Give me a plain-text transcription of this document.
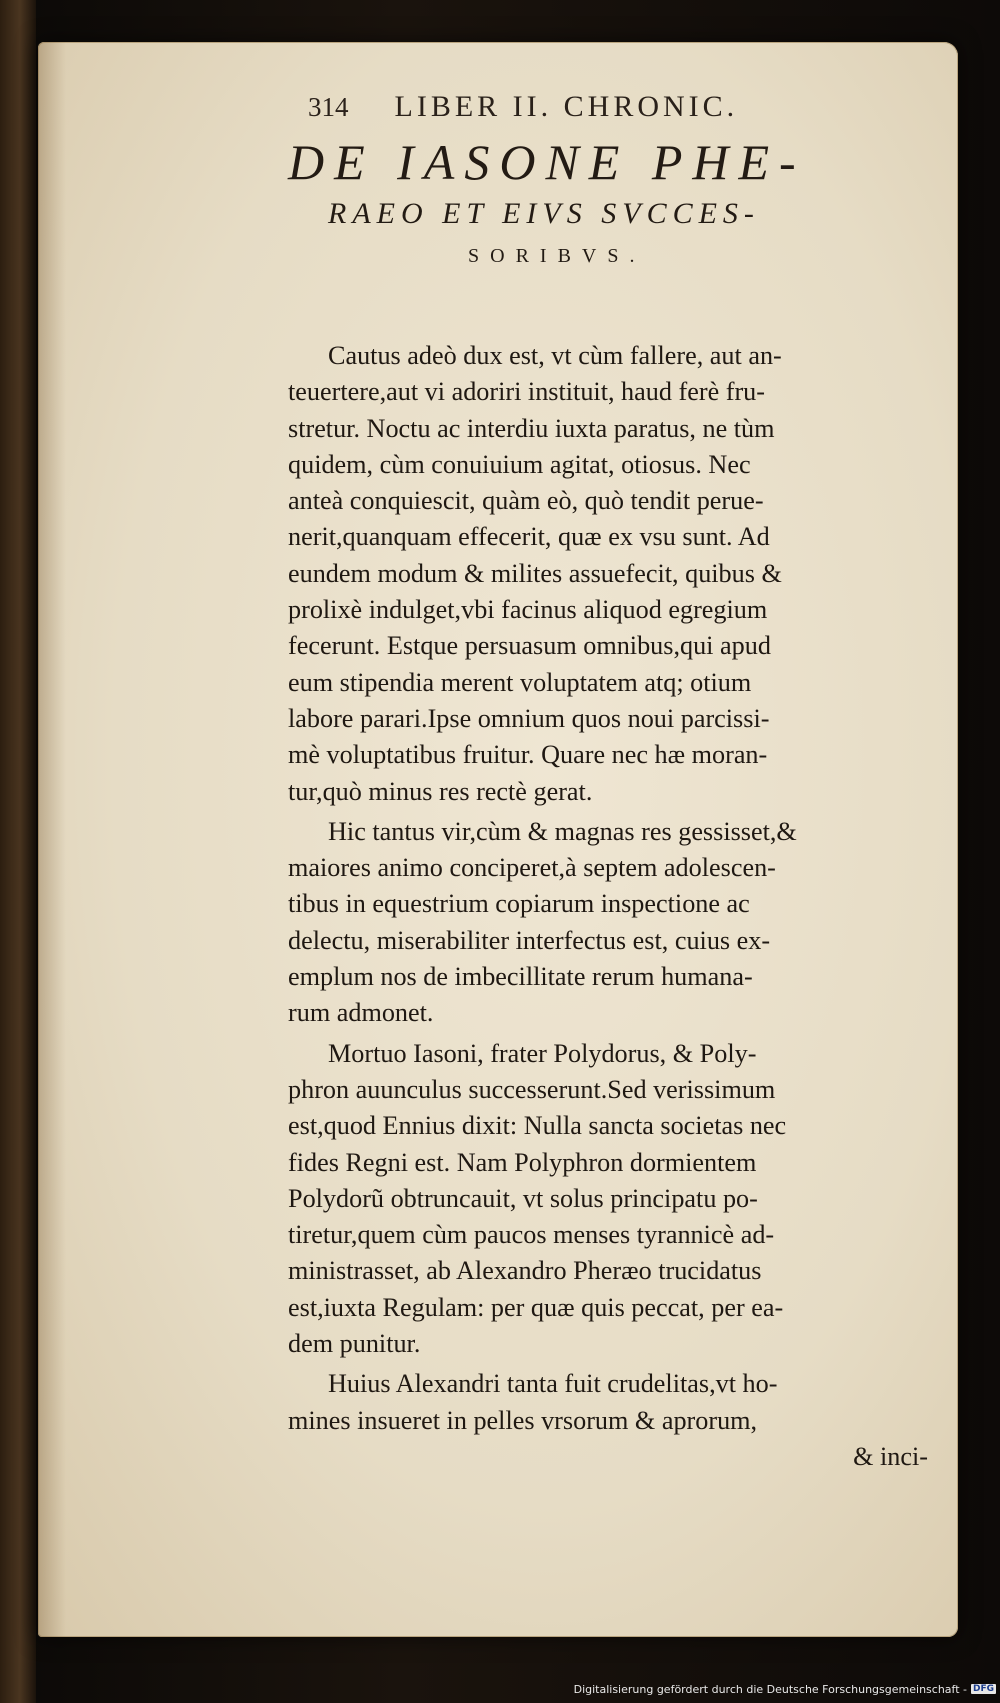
314 LIBER II. CHRONIC.
DE IASONE PHE-
RAEO ET EIVS SVCCES-
SORIBVS.
Cautus adeò dux est, vt cùm fallere, aut an-
teuertere,aut vi adoriri instituit, haud ferè fru-
stretur. Noctu ac interdiu iuxta paratus, ne tùm
quidem, cùm conuiuium agitat, otiosus. Nec
anteà conquiescit, quàm eò, quò tendit perue-
nerit,quanquam effecerit, quæ ex vsu sunt. Ad
eundem modum & milites assuefecit, quibus &
prolixè indulget,vbi facinus aliquod egregium
fecerunt. Estque persuasum omnibus,qui apud
eum stipendia merent voluptatem atq; otium
labore parari.Ipse omnium quos noui parcissi-
mè voluptatibus fruitur. Quare nec hæ moran-
tur,quò minus res rectè gerat.
Hic tantus vir,cùm & magnas res gessisset,&
maiores animo conciperet,à septem adolescen-
tibus in equestrium copiarum inspectione ac
delectu, miserabiliter interfectus est, cuius ex-
emplum nos de imbecillitate rerum humana-
rum admonet.
Mortuo Iasoni, frater Polydorus, & Poly-
phron auunculus successerunt.Sed verissimum
est,quod Ennius dixit: Nulla sancta societas nec
fides Regni est. Nam Polyphron dormientem
Polydorũ obtruncauit, vt solus principatu po-
tiretur,quem cùm paucos menses tyrannicè ad-
ministrasset, ab Alexandro Pheræo trucidatus
est,iuxta Regulam: per quæ quis peccat, per ea-
dem punitur.
Huius Alexandri tanta fuit crudelitas,vt ho-
mines insueret in pelles vrsorum & aprorum,
& inci-
Digitalisierung gefördert durch die Deutsche Forschungsgemeinschaft - DFG
